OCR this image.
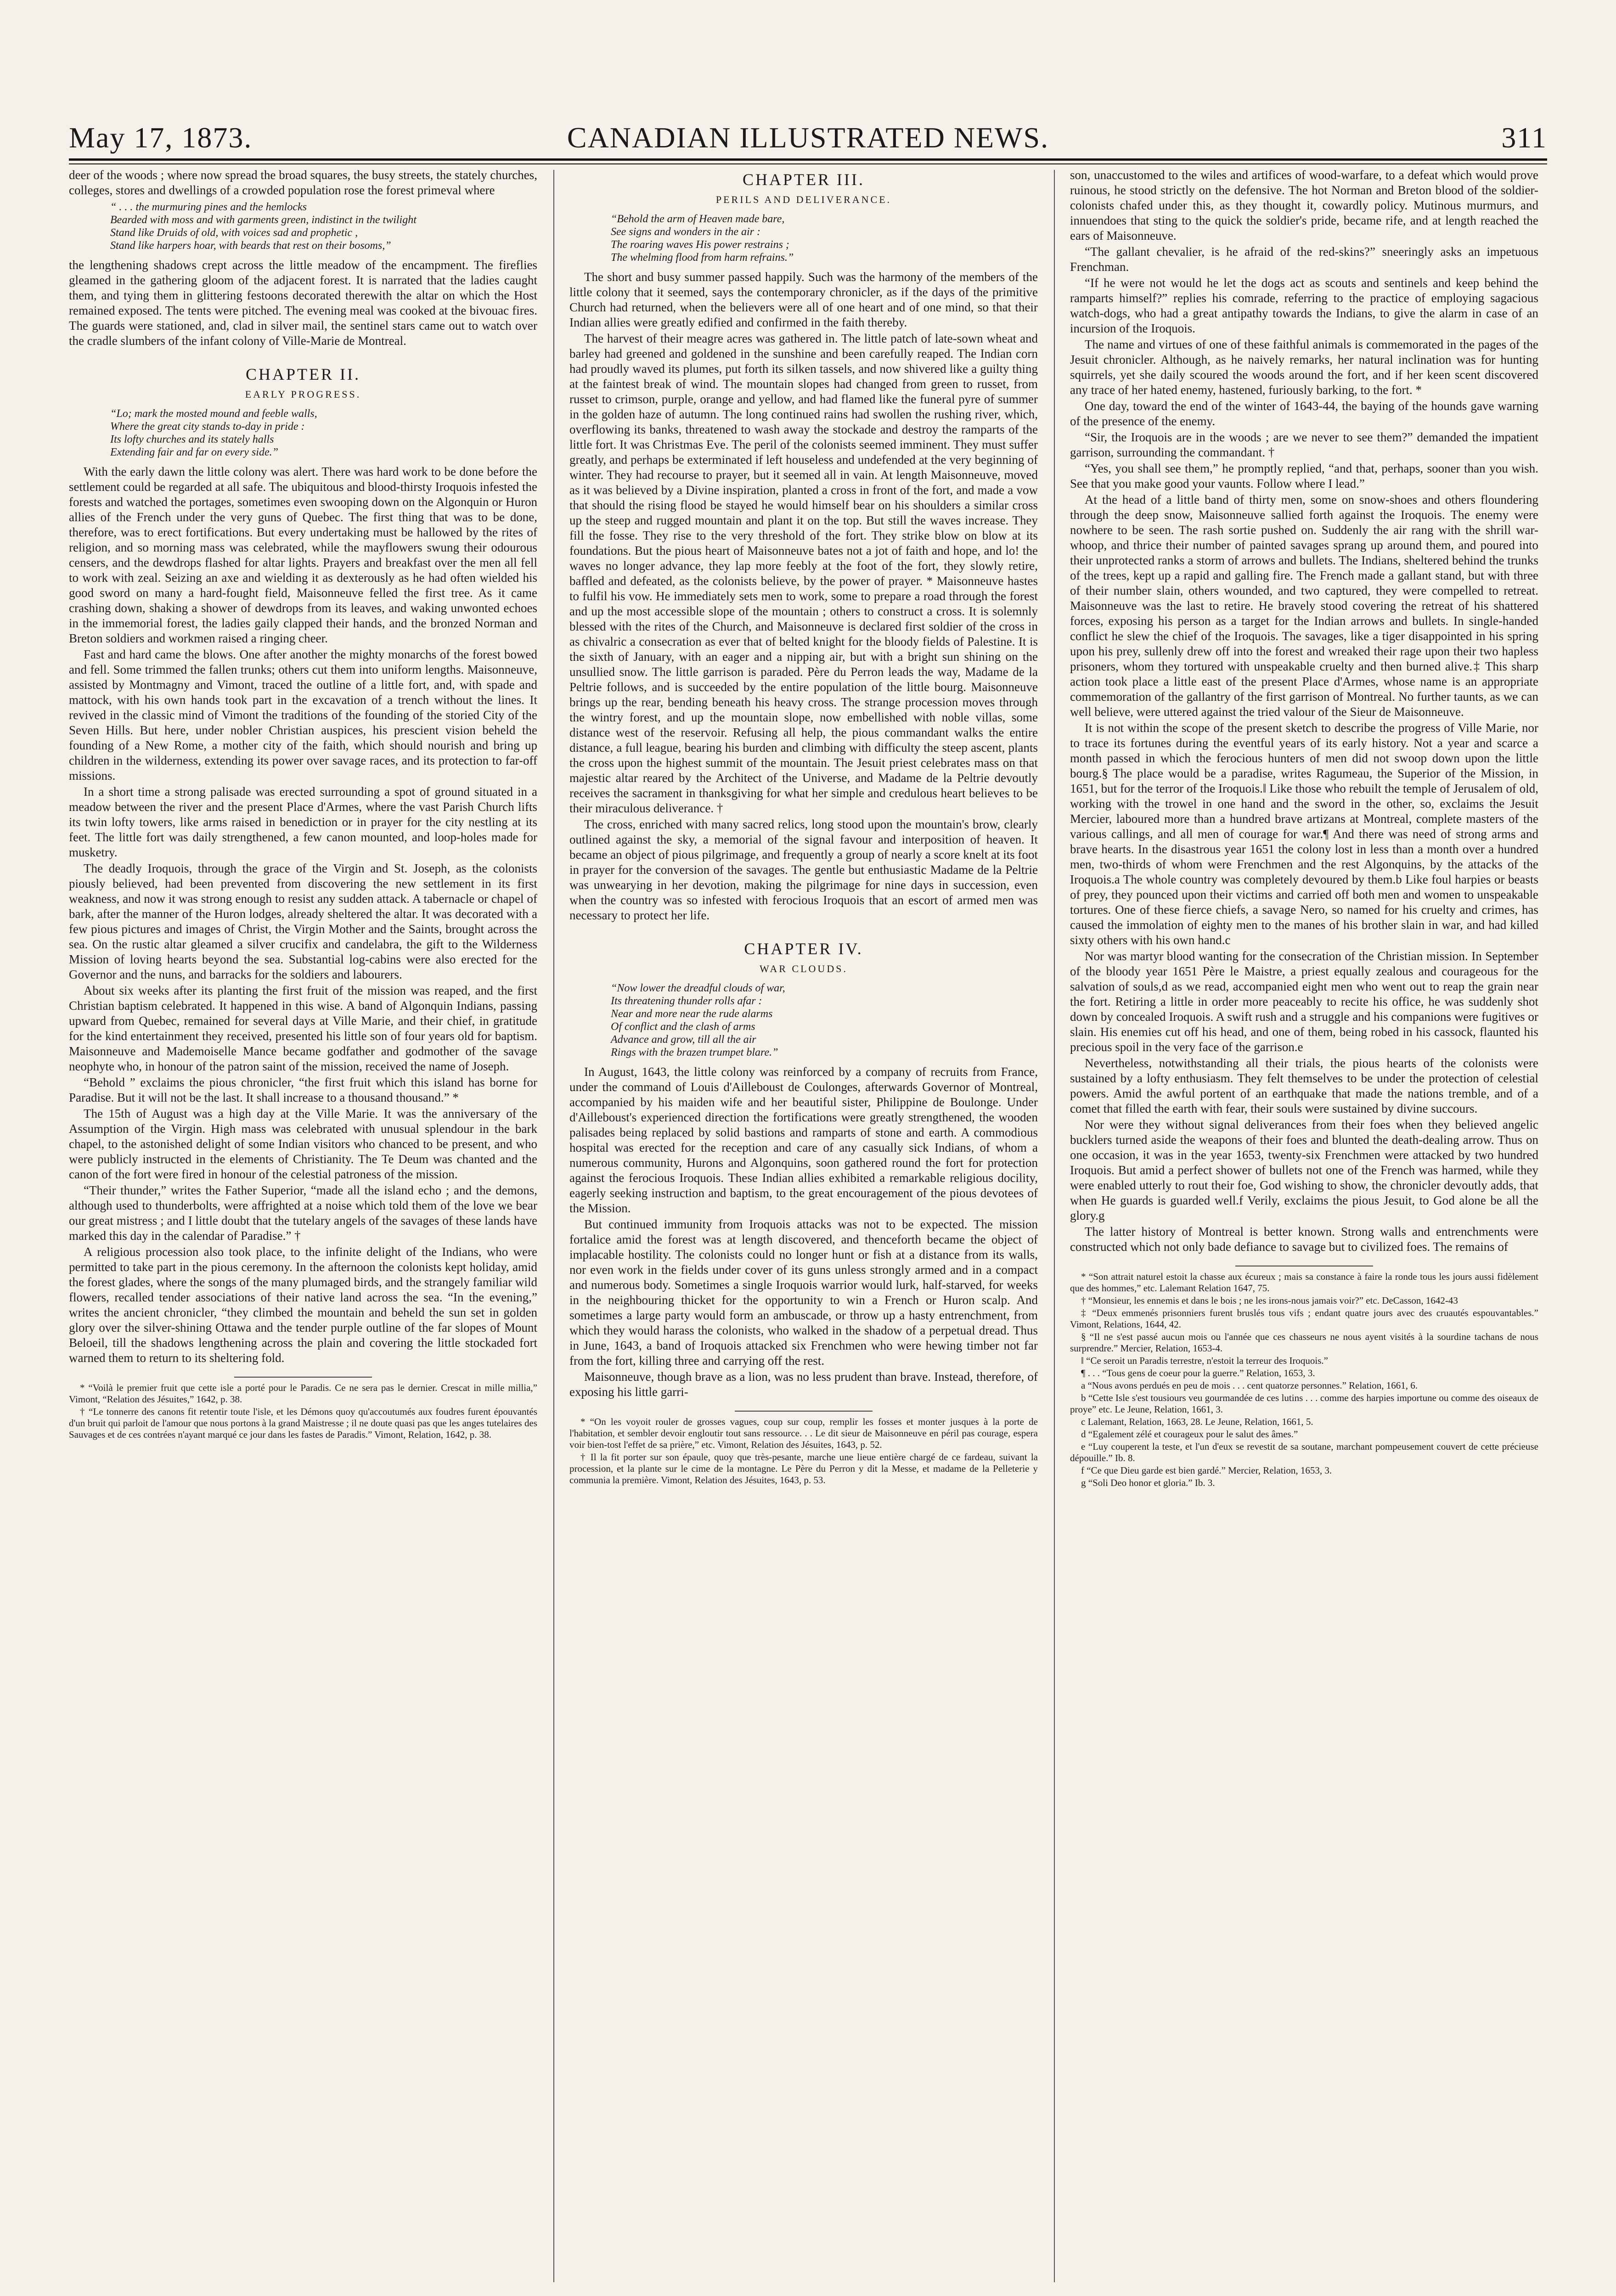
May 17, 1873.	CANADIAN ILLUSTRATED NEWS.	311

deer of the woods ; where now spread the broad squares, the busy streets, the stately churches, colleges, stores and dwellings of a crowded population rose the forest primeval where

“ . . . the murmuring pines and the hemlocks
Bearded with moss and with garments green, indistinct in the twilight
Stand like Druids of old, with voices sad and prophetic ,
Stand like harpers hoar, with beards that rest on their bosoms,”

the lengthening shadows crept across the little meadow of the encampment. The fireflies gleamed in the gathering gloom of the adjacent forest. It is narrated that the ladies caught them, and tying them in glittering festoons decorated therewith the altar on which the Host remained exposed. The tents were pitched. The evening meal was cooked at the bivouac fires. The guards were stationed, and, clad in silver mail, the sentinel stars came out to watch over the cradle slumbers of the infant colony of Ville-Marie de Montreal.

CHAPTER II.
EARLY PROGRESS.
“Lo; mark the mosted mound and feeble walls,
Where the great city stands to-day in pride :
Its lofty churches and its stately halls
Extending fair and far on every side.”

With the early dawn the little colony was alert. There was hard work to be done before the settlement could be regarded at all safe. The ubiquitous and blood-thirsty Iroquois infested the forests and watched the portages, sometimes even swooping down on the Algonquin or Huron allies of the French under the very guns of Quebec. The first thing that was to be done, therefore, was to erect fortifications. But every undertaking must be hallowed by the rites of religion, and so morning mass was celebrated, while the mayflowers swung their odourous censers, and the dewdrops flashed for altar lights. Prayers and breakfast over the men all fell to work with zeal. Seizing an axe and wielding it as dexterously as he had often wielded his good sword on many a hard-fought field, Maisonneuve felled the first tree. As it came crashing down, shaking a shower of dewdrops from its leaves, and waking unwonted echoes in the immemorial forest, the ladies gaily clapped their hands, and the bronzed Norman and Breton soldiers and workmen raised a ringing cheer.

Fast and hard came the blows. One after another the mighty monarchs of the forest bowed and fell. Some trimmed the fallen trunks; others cut them into uniform lengths. Maisonneuve, assisted by Montmagny and Vimont, traced the outline of a little fort, and, with spade and mattock, with his own hands took part in the excavation of a trench without the lines. It revived in the classic mind of Vimont the traditions of the founding of the storied City of the Seven Hills. But here, under nobler Christian auspices, his prescient vision beheld the founding of a New Rome, a mother city of the faith, which should nourish and bring up children in the wilderness, extending its power over savage races, and its protection to far-off missions.

In a short time a strong palisade was erected surrounding a spot of ground situated in a meadow between the river and the present Place d'Armes, where the vast Parish Church lifts its twin lofty towers, like arms raised in benediction or in prayer for the city nestling at its feet. The little fort was daily strengthened, a few canon mounted, and loop-holes made for musketry.

The deadly Iroquois, through the grace of the Virgin and St. Joseph, as the colonists piously believed, had been prevented from discovering the new settlement in its first weakness, and now it was strong enough to resist any sudden attack. A tabernacle or chapel of bark, after the manner of the Huron lodges, already sheltered the altar. It was decorated with a few pious pictures and images of Christ, the Virgin Mother and the Saints, brought across the sea. On the rustic altar gleamed a silver crucifix and candelabra, the gift to the Wilderness Mission of loving hearts beyond the sea. Substantial log-cabins were also erected for the Governor and the nuns, and barracks for the soldiers and labourers.

About six weeks after its planting the first fruit of the mission was reaped, and the first Christian baptism celebrated. It happened in this wise. A band of Algonquin Indians, passing upward from Quebec, remained for several days at Ville Marie, and their chief, in gratitude for the kind entertainment they received, presented his little son of four years old for baptism. Maisonneuve and Mademoiselle Mance became godfather and godmother of the savage neophyte who, in honour of the patron saint of the mission, received the name of Joseph.

“Behold ” exclaims the pious chronicler, “the first fruit which this island has borne for Paradise. But it will not be the last. It shall increase to a thousand thousand.” *

The 15th of August was a high day at the Ville Marie. It was the anniversary of the Assumption of the Virgin. High mass was celebrated with unusual splendour in the bark chapel, to the astonished delight of some Indian visitors who chanced to be present, and who were publicly instructed in the elements of Christianity. The Te Deum was chanted and the canon of the fort were fired in honour of the celestial patroness of the mission.

“Their thunder,” writes the Father Superior, “made all the island echo ; and the demons, although used to thunderbolts, were affrighted at a noise which told them of the love we bear our great mistress ; and I little doubt that the tutelary angels of the savages of these lands have marked this day in the calendar of Paradise.” †

A religious procession also took place, to the infinite delight of the Indians, who were permitted to take part in the pious ceremony. In the afternoon the colonists kept holiday, amid the forest glades, where the songs of the many plumaged birds, and the strangely familiar wild flowers, recalled tender associations of their native land across the sea. “In the evening,” writes the ancient chronicler, “they climbed the mountain and beheld the sun set in golden glory over the silver-shining Ottawa and the tender purple outline of the far slopes of Mount Beloeil, till the shadows lengthening across the plain and covering the little stockaded fort warned them to return to its sheltering fold.

* “Voilà le premier fruit que cette isle a porté pour le Paradis. Ce ne sera pas le dernier. Crescat in mille millia,” Vimont, “Relation des Jésuites,” 1642, p. 38.

† “Le tonnerre des canons fit retentir toute l'isle, et les Démons quoy qu'accoutumés aux foudres furent épouvantés d'un bruit qui parloit de l'amour que nous portons à la grand Maistresse ; il ne doute quasi pas que les anges tutelaires des Sauvages et de ces contrées n'ayant marqué ce jour dans les fastes de Paradis.” Vimont, Relation, 1642, p. 38.

CHAPTER III.
PERILS AND DELIVERANCE.
“Behold the arm of Heaven made bare,
See signs and wonders in the air :
The roaring waves His power restrains ;
The whelming flood from harm refrains.”

The short and busy summer passed happily. Such was the harmony of the members of the little colony that it seemed, says the contemporary chronicler, as if the days of the primitive Church had returned, when the believers were all of one heart and of one mind, so that their Indian allies were greatly edified and confirmed in the faith thereby.

The harvest of their meagre acres was gathered in. The little patch of late-sown wheat and barley had greened and goldened in the sunshine and been carefully reaped. The Indian corn had proudly waved its plumes, put forth its silken tassels, and now shivered like a guilty thing at the faintest break of wind. The mountain slopes had changed from green to russet, from russet to crimson, purple, orange and yellow, and had flamed like the funeral pyre of summer in the golden haze of autumn. The long continued rains had swollen the rushing river, which, overflowing its banks, threatened to wash away the stockade and destroy the ramparts of the little fort. It was Christmas Eve. The peril of the colonists seemed imminent. They must suffer greatly, and perhaps be exterminated if left houseless and undefended at the very beginning of winter. They had recourse to prayer, but it seemed all in vain. At length Maisonneuve, moved as it was believed by a Divine inspiration, planted a cross in front of the fort, and made a vow that should the rising flood be stayed he would himself bear on his shoulders a similar cross up the steep and rugged mountain and plant it on the top. But still the waves increase. They fill the fosse. They rise to the very threshold of the fort. They strike blow on blow at its foundations. But the pious heart of Maisonneuve bates not a jot of faith and hope, and lo! the waves no longer advance, they lap more feebly at the foot of the fort, they slowly retire, baffled and defeated, as the colonists believe, by the power of prayer. * Maisonneuve hastes to fulfil his vow. He immediately sets men to work, some to prepare a road through the forest and up the most accessible slope of the mountain ; others to construct a cross. It is solemnly blessed with the rites of the Church, and Maisonneuve is declared first soldier of the cross in as chivalric a consecration as ever that of belted knight for the bloody fields of Palestine. It is the sixth of January, with an eager and a nipping air, but with a bright sun shining on the unsullied snow. The little garrison is paraded. Père du Perron leads the way, Madame de la Peltrie follows, and is succeeded by the entire population of the little bourg. Maisonneuve brings up the rear, bending beneath his heavy cross. The strange procession moves through the wintry forest, and up the mountain slope, now embellished with noble villas, some distance west of the reservoir. Refusing all help, the pious commandant walks the entire distance, a full league, bearing his burden and climbing with difficulty the steep ascent, plants the cross upon the highest summit of the mountain. The Jesuit priest celebrates mass on that majestic altar reared by the Architect of the Universe, and Madame de la Peltrie devoutly receives the sacrament in thanksgiving for what her simple and credulous heart believes to be their miraculous deliverance. †

The cross, enriched with many sacred relics, long stood upon the mountain's brow, clearly outlined against the sky, a memorial of the signal favour and interposition of heaven. It became an object of pious pilgrimage, and frequently a group of nearly a score knelt at its foot in prayer for the conversion of the savages. The gentle but enthusiastic Madame de la Peltrie was unwearying in her devotion, making the pilgrimage for nine days in succession, even when the country was so infested with ferocious Iroquois that an escort of armed men was necessary to protect her life.

CHAPTER IV.
WAR CLOUDS.
“Now lower the dreadful clouds of war,
Its threatening thunder rolls afar :
Near and more near the rude alarms
Of conflict and the clash of arms
Advance and grow, till all the air
Rings with the brazen trumpet blare.”

In August, 1643, the little colony was reinforced by a company of recruits from France, under the command of Louis d'Ailleboust de Coulonges, afterwards Governor of Montreal, accompanied by his maiden wife and her beautiful sister, Philippine de Boulonge. Under d'Ailleboust's experienced direction the fortifications were greatly strengthened, the wooden palisades being replaced by solid bastions and ramparts of stone and earth. A commodious hospital was erected for the reception and care of any casually sick Indians, of whom a numerous community, Hurons and Algonquins, soon gathered round the fort for protection against the ferocious Iroquois. These Indian allies exhibited a remarkable religious docility, eagerly seeking instruction and baptism, to the great encouragement of the pious devotees of the Mission.

But continued immunity from Iroquois attacks was not to be expected. The mission fortalice amid the forest was at length discovered, and thenceforth became the object of implacable hostility. The colonists could no longer hunt or fish at a distance from its walls, nor even work in the fields under cover of its guns unless strongly armed and in a compact and numerous body. Sometimes a single Iroquois warrior would lurk, half-starved, for weeks in the neighbouring thicket for the opportunity to win a French or Huron scalp. And sometimes a large party would form an ambuscade, or throw up a hasty entrenchment, from which they would harass the colonists, who walked in the shadow of a perpetual dread. Thus in June, 1643, a band of Iroquois attacked six Frenchmen who were hewing timber not far from the fort, killing three and carrying off the rest.

Maisonneuve, though brave as a lion, was no less prudent than brave. Instead, therefore, of exposing his little garri-

* “On les voyoit rouler de grosses vagues, coup sur coup, remplir les fosses et monter jusques à la porte de l'habitation, et sembler devoir engloutir tout sans ressource. . . Le dit sieur de Maisonneuve en péril pas courage, espera voir bien-tost l'effet de sa prière,” etc. Vimont, Relation des Jésuites, 1643, p. 52.

† Il la fit porter sur son épaule, quoy que très-pesante, marche une lieue entière chargé de ce fardeau, suivant la procession, et la plante sur le cime de la montagne. Le Père du Perron y dit la Messe, et madame de la Pelleterie y communia la première. Vimont, Relation des Jésuites, 1643, p. 53.

son, unaccustomed to the wiles and artifices of wood-warfare, to a defeat which would prove ruinous, he stood strictly on the defensive. The hot Norman and Breton blood of the soldier-colonists chafed under this, as they thought it, cowardly policy. Mutinous murmurs, and innuendoes that sting to the quick the soldier's pride, became rife, and at length reached the ears of Maisonneuve.

“The gallant chevalier, is he afraid of the red-skins?” sneeringly asks an impetuous Frenchman.

“If he were not would he let the dogs act as scouts and sentinels and keep behind the ramparts himself?” replies his comrade, referring to the practice of employing sagacious watch-dogs, who had a great antipathy towards the Indians, to give the alarm in case of an incursion of the Iroquois.

The name and virtues of one of these faithful animals is commemorated in the pages of the Jesuit chronicler. Although, as he naively remarks, her natural inclination was for hunting squirrels, yet she daily scoured the woods around the fort, and if her keen scent discovered any trace of her hated enemy, hastened, furiously barking, to the fort. *

One day, toward the end of the winter of 1643-44, the baying of the hounds gave warning of the presence of the enemy.

“Sir, the Iroquois are in the woods ; are we never to see them?” demanded the impatient garrison, surrounding the commandant. †

“Yes, you shall see them,” he promptly replied, “and that, perhaps, sooner than you wish. See that you make good your vaunts. Follow where I lead.”

At the head of a little band of thirty men, some on snow-shoes and others floundering through the deep snow, Maisonneuve sallied forth against the Iroquois. The enemy were nowhere to be seen. The rash sortie pushed on. Suddenly the air rang with the shrill war-whoop, and thrice their number of painted savages sprang up around them, and poured into their unprotected ranks a storm of arrows and bullets. The Indians, sheltered behind the trunks of the trees, kept up a rapid and galling fire. The French made a gallant stand, but with three of their number slain, others wounded, and two captured, they were compelled to retreat. Maisonneuve was the last to retire. He bravely stood covering the retreat of his shattered forces, exposing his person as a target for the Indian arrows and bullets. In single-handed conflict he slew the chief of the Iroquois. The savages, like a tiger disappointed in his spring upon his prey, sullenly drew off into the forest and wreaked their rage upon their two hapless prisoners, whom they tortured with unspeakable cruelty and then burned alive.‡ This sharp action took place a little east of the present Place d'Armes, whose name is an appropriate commemoration of the gallantry of the first garrison of Montreal. No further taunts, as we can well believe, were uttered against the tried valour of the Sieur de Maisonneuve.

It is not within the scope of the present sketch to describe the progress of Ville Marie, nor to trace its fortunes during the eventful years of its early history. Not a year and scarce a month passed in which the ferocious hunters of men did not swoop down upon the little bourg.§ The place would be a paradise, writes Ragumeau, the Superior of the Mission, in 1651, but for the terror of the Iroquois.‖ Like those who rebuilt the temple of Jerusalem of old, working with the trowel in one hand and the sword in the other, so, exclaims the Jesuit Mercier, laboured more than a hundred brave artizans at Montreal, complete masters of the various callings, and all men of courage for war.¶ And there was need of strong arms and brave hearts. In the disastrous year 1651 the colony lost in less than a month over a hundred men, two-thirds of whom were Frenchmen and the rest Algonquins, by the attacks of the Iroquois.a The whole country was completely devoured by them.b Like foul harpies or beasts of prey, they pounced upon their victims and carried off both men and women to unspeakable tortures. One of these fierce chiefs, a savage Nero, so named for his cruelty and crimes, has caused the immolation of eighty men to the manes of his brother slain in war, and had killed sixty others with his own hand.c

Nor was martyr blood wanting for the consecration of the Christian mission. In September of the bloody year 1651 Père le Maistre, a priest equally zealous and courageous for the salvation of souls,d as we read, accompanied eight men who went out to reap the grain near the fort. Retiring a little in order more peaceably to recite his office, he was suddenly shot down by concealed Iroquois. A swift rush and a struggle and his companions were fugitives or slain. His enemies cut off his head, and one of them, being robed in his cassock, flaunted his precious spoil in the very face of the garrison.e

Nevertheless, notwithstanding all their trials, the pious hearts of the colonists were sustained by a lofty enthusiasm. They felt themselves to be under the protection of celestial powers. Amid the awful portent of an earthquake that made the nations tremble, and of a comet that filled the earth with fear, their souls were sustained by divine succours.

Nor were they without signal deliverances from their foes when they believed angelic bucklers turned aside the weapons of their foes and blunted the death-dealing arrow. Thus on one occasion, it was in the year 1653, twenty-six Frenchmen were attacked by two hundred Iroquois. But amid a perfect shower of bullets not one of the French was harmed, while they were enabled utterly to rout their foe, God wishing to show, the chronicler devoutly adds, that when He guards is guarded well.f Verily, exclaims the pious Jesuit, to God alone be all the glory.g

The latter history of Montreal is better known. Strong walls and entrenchments were constructed which not only bade defiance to savage but to civilized foes. The remains of

* “Son attrait naturel estoit la chasse aux écureux ; mais sa constance à faire la ronde tous les jours aussi fidèlement que des hommes,” etc. Lalemant Relation 1647, 75.

† “Monsieur, les ennemis et dans le bois ; ne les irons-nous jamais voir?” etc. DeCasson, 1642-43

‡ “Deux emmenés prisonniers furent bruslés tous vifs ; endant quatre jours avec des cruautés espouvantables.” Vimont, Relations, 1644, 42.

§ “Il ne s'est passé aucun mois ou l'année que ces chasseurs ne nous ayent visités à la sourdine tachans de nous surprendre.” Mercier, Relation, 1653-4.

‖ “Ce seroit un Paradis terrestre, n'estoit la terreur des Iroquois.”

¶ . . . “Tous gens de coeur pour la guerre.” Relation, 1653, 3.

a “Nous avons perdués en peu de mois . . . cent quatorze personnes.” Relation, 1661, 6.

b “Cette Isle s'est tousiours veu gourmandée de ces lutins . . . comme des harpies importune ou comme des oiseaux de proye” etc. Le Jeune, Relation, 1661, 3.

c Lalemant, Relation, 1663, 28. Le Jeune, Relation, 1661, 5.

d “Egalement zélé et courageux pour le salut des âmes.”

e “Luy couperent la teste, et l'un d'eux se revestit de sa soutane, marchant pompeusement couvert de cette précieuse dépouille.” Ib. 8.

f “Ce que Dieu garde est bien gardé.” Mercier, Relation, 1653, 3.

g “Soli Deo honor et gloria.” Ib. 3.
